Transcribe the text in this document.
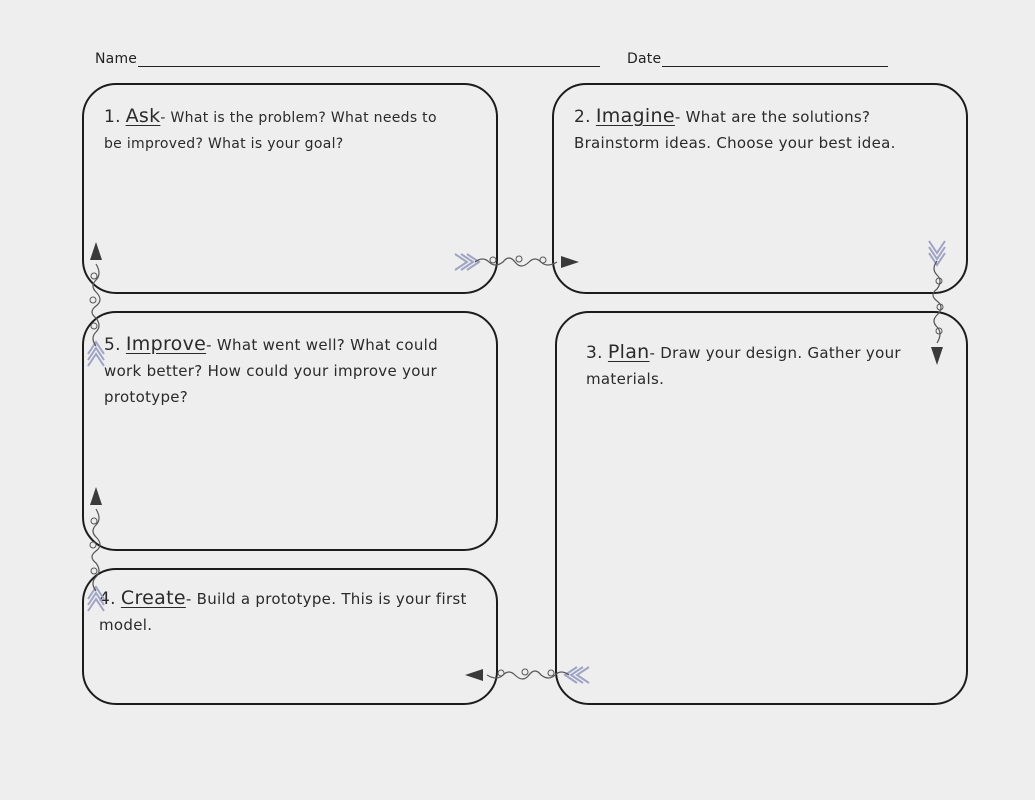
Name	Date
1. Ask- What is the problem? What needs to be improved? What is your goal?
2. Imagine- What are the solutions? Brainstorm ideas. Choose your best idea.
5. Improve- What went well? What could work better? How could your improve your prototype?
3. Plan- Draw your design. Gather your materials.
4. Create- Build a prototype. This is your first model.
